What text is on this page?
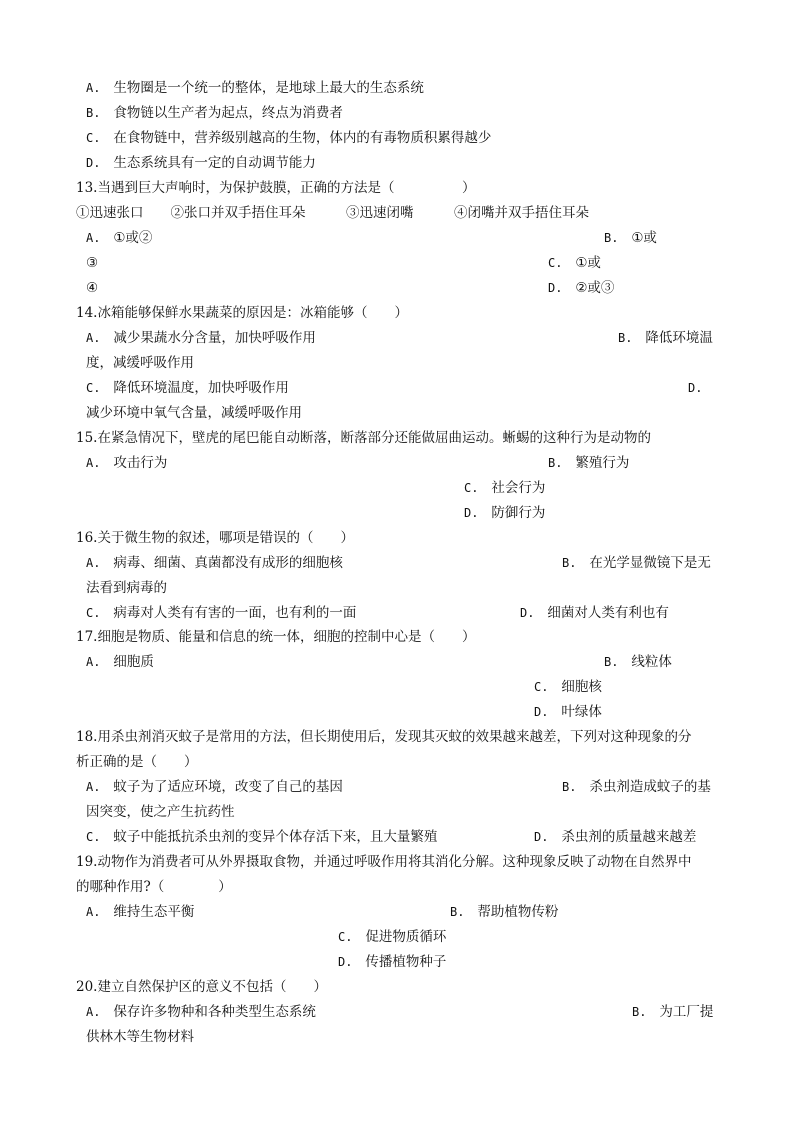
A. 生物圈是一个统一的整体，是地球上最大的生态系统
B. 食物链以生产者为起点，终点为消费者
C. 在食物链中，营养级别越高的生物，体内的有毒物质积累得越少
D. 生态系统具有一定的自动调节能力
13.当遇到巨大声响时，为保护鼓膜，正确的方法是（　　　　　）
①迅速张口　　②张口并双手捂住耳朵　　　③迅速闭嘴　　　④闭嘴并双手捂住耳朵
A. ①或②	B. ①或
③	C. ①或
④	D. ②或③
14.冰箱能够保鲜水果蔬菜的原因是：冰箱能够（　　）
A. 减少果蔬水分含量，加快呼吸作用	B. 降低环境温
度，减缓呼吸作用
C. 降低环境温度，加快呼吸作用	D.
减少环境中氧气含量，减缓呼吸作用
15.在紧急情况下，壁虎的尾巴能自动断落，断落部分还能做屈曲运动。蜥蜴的这种行为是动物的
A. 攻击行为	B. 繁殖行为
C. 社会行为
D. 防御行为
16.关于微生物的叙述，哪项是错误的（　　）
A. 病毒、细菌、真菌都没有成形的细胞核	B. 在光学显微镜下是无
法看到病毒的
C. 病毒对人类有有害的一面，也有利的一面	D. 细菌对人类有利也有
17.细胞是物质、能量和信息的统一体，细胞的控制中心是（　　）
A. 细胞质	B. 线粒体
C. 细胞核
D. 叶绿体
18.用杀虫剂消灭蚊子是常用的方法，但长期使用后，发现其灭蚊的效果越来越差，下列对这种现象的分
析正确的是（　　）
A. 蚊子为了适应环境，改变了自己的基因	B. 杀虫剂造成蚊子的基
因突变，使之产生抗药性
C. 蚊子中能抵抗杀虫剂的变异个体存活下来，且大量繁殖	D. 杀虫剂的质量越来越差
19.动物作为消费者可从外界摄取食物，并通过呼吸作用将其消化分解。这种现象反映了动物在自然界中
的哪种作用?（　　　　）
A. 维持生态平衡	B. 帮助植物传粉
C. 促进物质循环
D. 传播植物种子
20.建立自然保护区的意义不包括（　　）
A. 保存许多物种和各种类型生态系统	B. 为工厂提
供林木等生物材料
